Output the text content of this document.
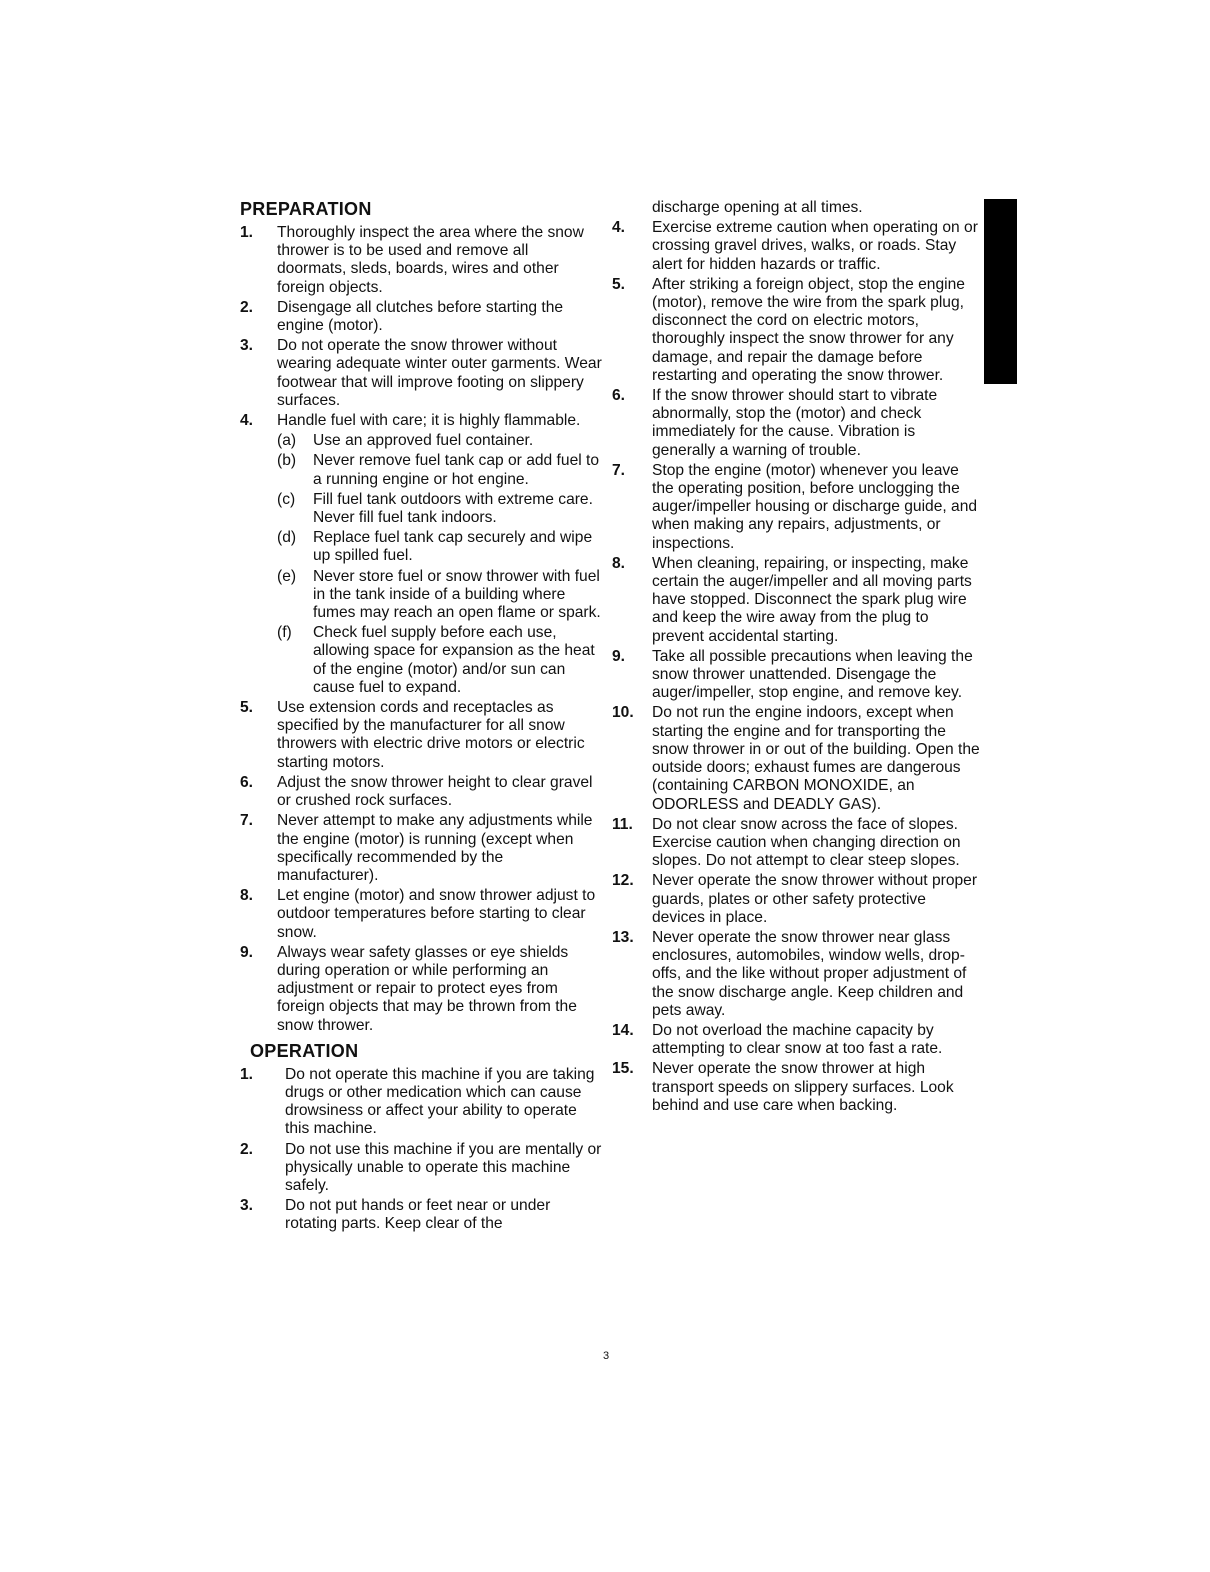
PREPARATION
1.	Thoroughly inspect the area where the snow thrower is to be used and remove all doormats, sleds, boards, wires and other foreign objects.
2.	Disengage all clutches before starting the engine (motor).
3.	Do not operate the snow thrower without wearing adequate winter outer garments. Wear footwear that will improve footing on slippery surfaces.
4.	Handle fuel with care; it is highly flammable.
(a)	Use an approved fuel container.
(b)	Never remove fuel tank cap or add fuel to a running engine or hot engine.
(c)	Fill fuel tank outdoors with extreme care. Never fill fuel tank indoors.
(d)	Replace fuel tank cap securely and wipe up spilled fuel.
(e)	Never store fuel or snow thrower with fuel in the tank inside of a building where fumes may reach an open flame or spark.
(f)	Check fuel supply before each use, allowing space for expansion as the heat of the engine (motor) and/or sun can cause fuel to expand.
5.	Use extension cords and receptacles as specified by the manufacturer for all snow throwers with electric drive motors or electric starting motors.
6.	Adjust the snow thrower height to clear gravel or crushed rock surfaces.
7.	Never attempt to make any adjustments while the engine (motor) is running (except when specifically recommended by the manufacturer).
8.	Let engine (motor) and snow thrower adjust to outdoor temperatures before starting to clear snow.
9.	Always wear safety glasses or eye shields during operation or while performing an adjustment or repair to protect eyes from foreign objects that may be thrown from the snow thrower.
OPERATION
1.	Do not operate this machine if you are taking drugs or other medication which can cause drowsiness or affect your ability to operate this machine.
2.	Do not use this machine if you are mentally or physically unable to operate this machine safely.
3.	Do not put hands or feet near or under rotating parts. Keep clear of the
discharge opening at all times.
4.	Exercise extreme caution when operating on or crossing gravel drives, walks, or roads. Stay alert for hidden hazards or traffic.
5.	After striking a foreign object, stop the engine (motor), remove the wire from the spark plug, disconnect the cord on electric motors, thoroughly inspect the snow thrower for any damage, and repair the damage before restarting and operating the snow thrower.
6.	If the snow thrower should start to vibrate abnormally, stop the (motor) and check immediately for the cause. Vibration is generally a warning of trouble.
7.	Stop the engine (motor) whenever you leave the operating position, before unclogging the auger/impeller housing or discharge guide, and when making any repairs, adjustments, or inspections.
8.	When cleaning, repairing, or inspecting, make certain the auger/impeller and all moving parts have stopped. Disconnect the spark plug wire and keep the wire away from the plug to prevent accidental starting.
9.	Take all possible precautions when leaving the snow thrower unattended. Disengage the auger/impeller, stop engine, and remove key.
10.	Do not run the engine indoors, except when starting the engine and for transporting the snow thrower in or out of the building. Open the outside doors; exhaust fumes are dangerous (containing CARBON MONOXIDE, an ODORLESS and DEADLY GAS).
11.	Do not clear snow across the face of slopes. Exercise caution when changing direction on slopes. Do not attempt to clear steep slopes.
12.	Never operate the snow thrower without proper guards, plates or other safety protective devices in place.
13.	Never operate the snow thrower near glass enclosures, automobiles, window wells, drop-offs, and the like without proper adjustment of the snow discharge angle. Keep children and pets away.
14.	Do not overload the machine capacity by attempting to clear snow at too fast a rate.
15.	Never operate the snow thrower at high transport speeds on slippery surfaces. Look behind and use care when backing.
3
